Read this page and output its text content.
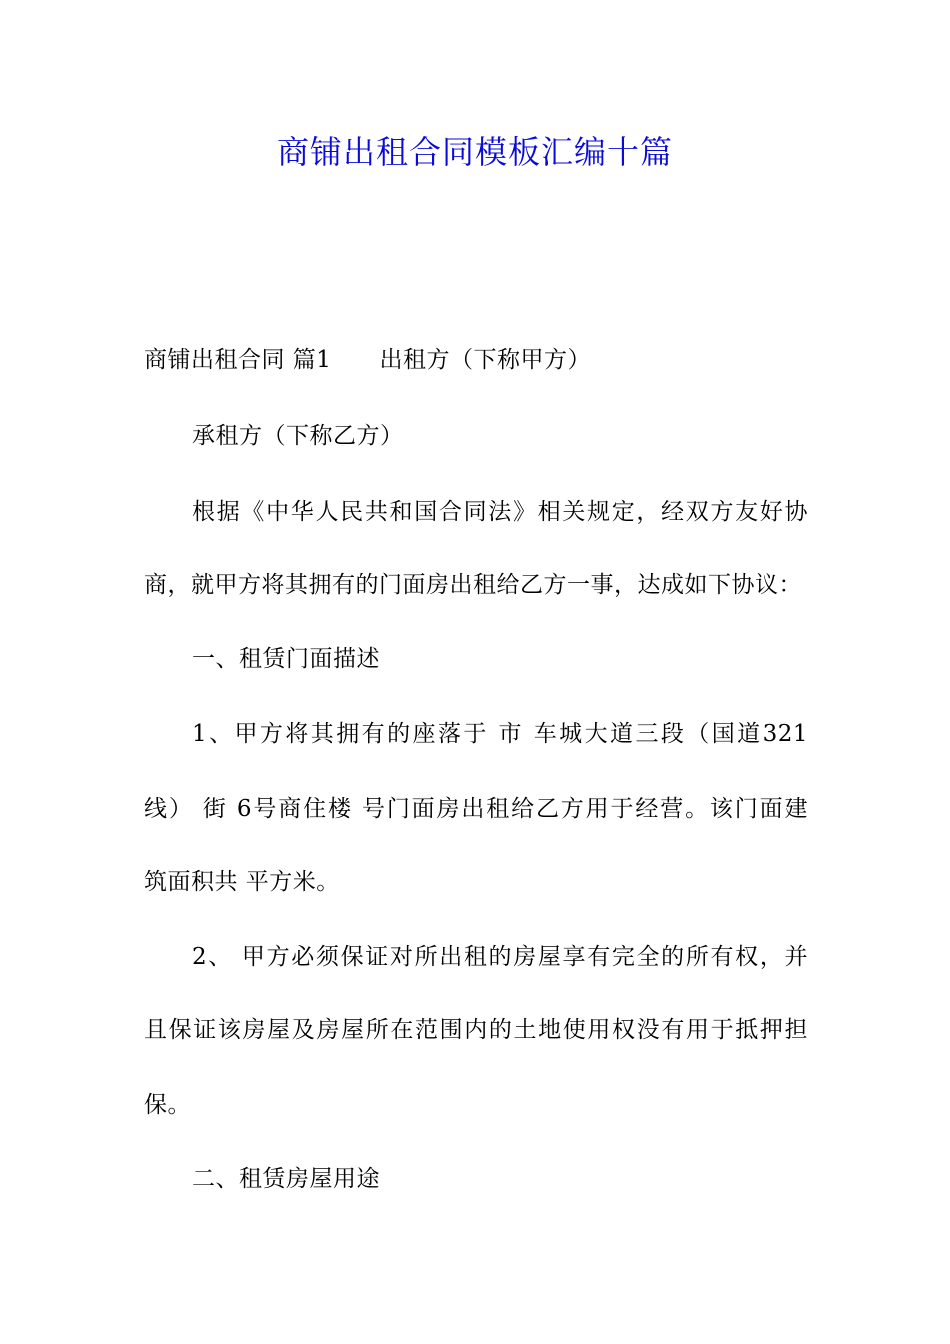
商铺出租合同模板汇编十篇
商铺出租合同 篇1 出租方（下称甲方）
承租方（下称乙方）
根据《中华人民共和国合同法》相关规定，经双方友好协
商，就甲方将其拥有的门面房出租给乙方一事，达成如下协议：
一、租赁门面描述
1、甲方将其拥有的座落于 市 车城大道三段（国道321
线） 街 6号商住楼 号门面房出租给乙方用于经营。该门面建
筑面积共 平方米。
2、 甲方必须保证对所出租的房屋享有完全的所有权，并
且保证该房屋及房屋所在范围内的土地使用权没有用于抵押担
保。
二、租赁房屋用途
